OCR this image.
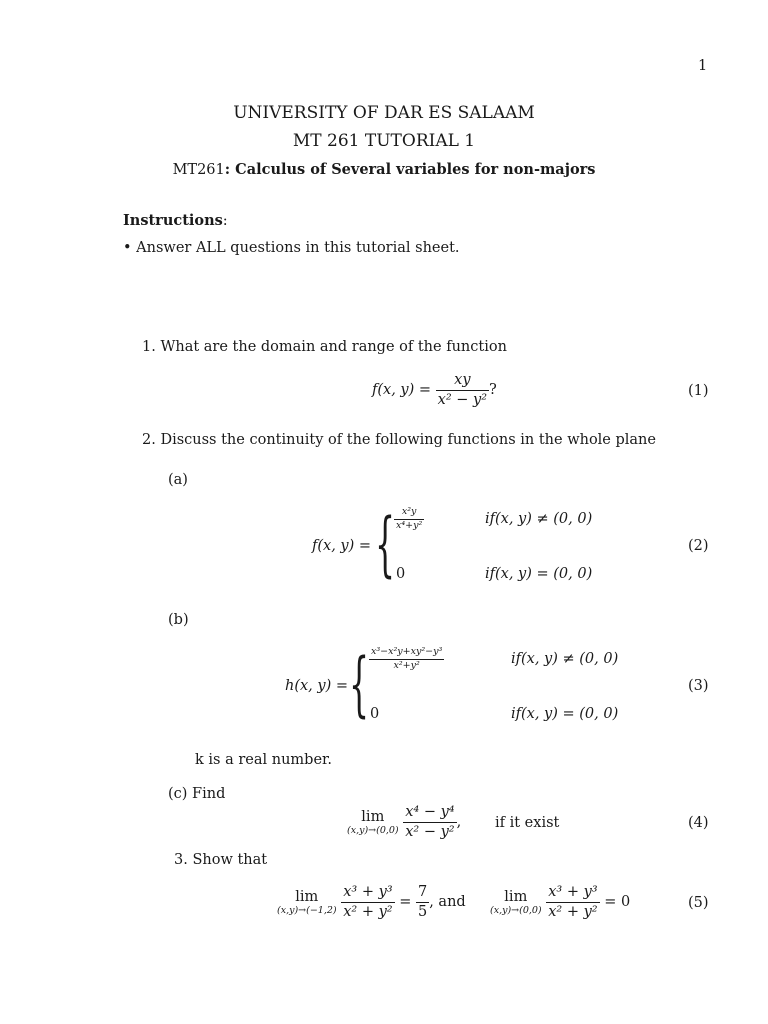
1
UNIVERSITY OF DAR ES SALAAM
MT 261 TUTORIAL 1
MT261: Calculus of Several variables for non-majors
Instructions:
• Answer ALL questions in this tutorial sheet.
1. What are the domain and range of the function
f(x, $y) = \frac{xy}{\text{x² − y²}}$ ?	(1)
2. Discuss the continuity of the following functions in the whole plane
(a)
f(x, y) = {
$\frac{\text{x²y}}{\text{x⁴+y²}}$	if(x, y) ≠ (0, 0)
0	if(x, y) = (0, 0)
(2)
(b)
h(x, y) = { $\frac{\text{x³−x²y+xy²−y³}}{\text{x²+y²}}$	if(x, y) ≠ (0, 0)
0	if(x, y) = (0, 0)
(3)
k is a real number.
(c) Find
lim
(x,y)→(0,0)
$\frac{\text{x⁴ − y⁴}}{\text{x² − y²}}$ , if it exist	(4)
3. Show that
lim
(x,y)→(−1,2)
$\frac{\text{x³ + y³}}{\text{x² + y²}} = \frac{7}{5}$ , and	lim
(x,y)→(0,0)
$\frac{\text{x³ + y³}}{\text{x² + y²}} = 0$	(5)
